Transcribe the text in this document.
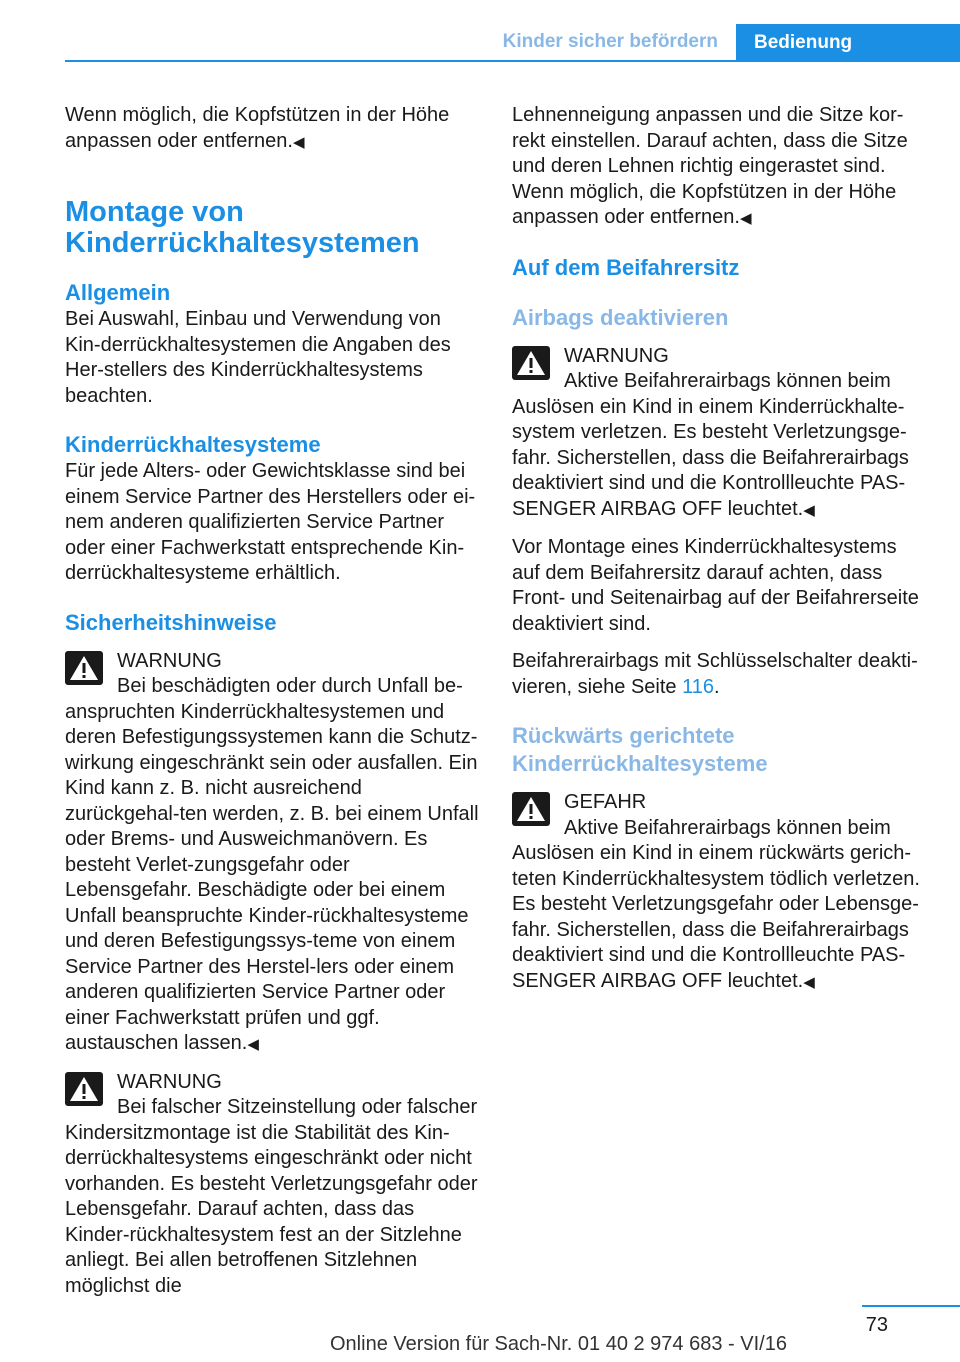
Kinder sicher befördern	Bedienung

Wenn möglich, die Kopfstützen in der Höhe anpassen oder entfernen.◀

Montage von Kinderrückhaltesystemen
Allgemein

Bei Auswahl, Einbau und Verwendung von Kin‐derrückhaltesystemen die Angaben des Her‐stellers des Kinderrückhaltesystems beachten.

Kinderrückhaltesysteme

Für jede Alters- oder Gewichtsklasse sind bei einem Service Partner des Herstellers oder ei‐nem anderen qualifizierten Service Partner oder einer Fachwerkstatt entsprechende Kin‐derrückhaltesysteme erhältlich.

Sicherheitshinweise
WARNUNG

Bei beschädigten oder durch Unfall be‐anspruchten Kinderrückhaltesystemen und deren Befestigungssystemen kann die Schutz‐wirkung eingeschränkt sein oder ausfallen. Ein Kind kann z. B. nicht ausreichend zurückgehal‐ten werden, z. B. bei einem Unfall oder Brems- und Ausweichmanövern. Es besteht Verlet‐zungsgefahr oder Lebensgefahr. Beschädigte oder bei einem Unfall beanspruchte Kinder‐rückhaltesysteme und deren Befestigungssys‐teme von einem Service Partner des Herstel‐lers oder einem anderen qualifizierten Service Partner oder einer Fachwerkstatt prüfen und ggf. austauschen lassen.◀

WARNUNG

Bei falscher Sitzeinstellung oder falscher Kindersitzmontage ist die Stabilität des Kin‐derrückhaltesystems eingeschränkt oder nicht vorhanden. Es besteht Verletzungsgefahr oder Lebensgefahr. Darauf achten, dass das Kinder‐rückhaltesystem fest an der Sitzlehne anliegt. Bei allen betroffenen Sitzlehnen möglichst die

Lehnenneigung anpassen und die Sitze kor‐rekt einstellen. Darauf achten, dass die Sitze und deren Lehnen richtig eingerastet sind. Wenn möglich, die Kopfstützen in der Höhe anpassen oder entfernen.◀

Auf dem Beifahrersitz
Airbags deaktivieren
WARNUNG

Aktive Beifahrerairbags können beim Auslösen ein Kind in einem Kinderrückhalte‐system verletzen. Es besteht Verletzungsge‐fahr. Sicherstellen, dass die Beifahrerairbags deaktiviert sind und die Kontrollleuchte PAS‐SENGER AIRBAG OFF leuchtet.◀

Vor Montage eines Kinderrückhaltesystems auf dem Beifahrersitz darauf achten, dass Front- und Seitenairbag auf der Beifahrerseite deaktiviert sind.

Beifahrerairbags mit Schlüsselschalter deakti‐vieren, siehe Seite 116.

Rückwärts gerichtete Kinderrückhaltesysteme
GEFAHR

Aktive Beifahrerairbags können beim Auslösen ein Kind in einem rückwärts gerich‐teten Kinderrückhaltesystem tödlich verletzen. Es besteht Verletzungsgefahr oder Lebensge‐fahr. Sicherstellen, dass die Beifahrerairbags deaktiviert sind und die Kontrollleuchte PAS‐SENGER AIRBAG OFF leuchtet.◀

73
Online Version für Sach-Nr. 01 40 2 974 683 - VI/16
